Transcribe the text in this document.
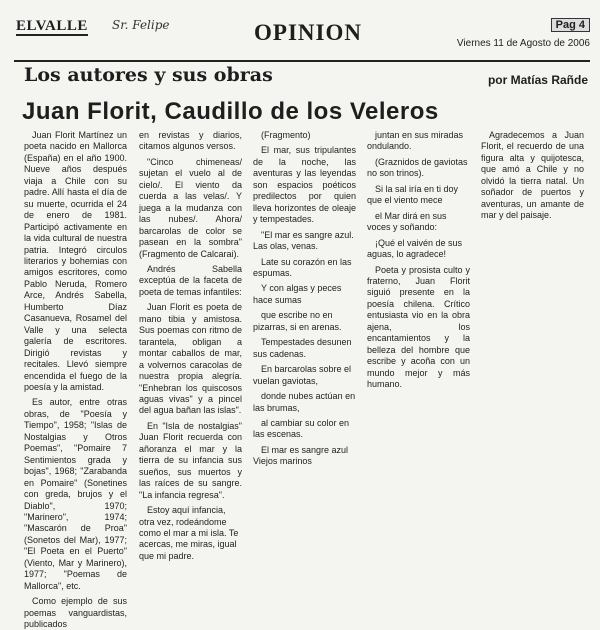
ELVALLE Sr. Felipe	OPINION	Pag 4
Viernes 11 de Agosto de 2006
Los autores y sus obras	por Matías Rañde
Juan Florit, Caudillo de los Veleros

Juan Florit Martínez un poeta nacido en Mallorca (España) en el año 1900. Nueve años después viaja a Chile con su padre. Allí hasta el día de su muerte, ocurrida el 24 de enero de 1981. Participó activamente en la vida cultural de nuestra patria. Integró circulos literarios y bohemias con amigos escritores, como Pablo Neruda, Romero Arce, Andrés Sabella, Humberto Díaz Casanueva, Rosamel del Valle y una selecta galería de escritores. Dirigió revistas y recitales. Llevó siempre encendida el fuego de la poesía y la amistad.

Es autor, entre otras obras, de "Poesía y Tiempo", 1958; "Islas de Nostalgias y Otros Poemas", "Pomaire 7 Sentimientos grada y bojas", 1968; "Zarabanda en Pomaire" (Sonetines con greda, brujos y el Diablo", 1970; "Marinero", 1974; "Mascarón de Proa" (Sonetos del Mar), 1977; "El Poeta en el Puerto" (Viento, Mar y Marinero), 1977; "Poemas de Mallorca", etc.

Como ejemplo de sus poemas vanguardistas, publicados

en revistas y diarios, citamos algunos versos.

"Cinco chimeneas/ sujetan el vuelo al de cielo/. El viento da cuerda a las velas/. Y juega a la mudanza con las nubes/. Ahora/ barcarolas de color se pasean en la sombra" (Fragmento de Calcarai).

Andrés Sabella exceptúa de la faceta de poeta de temas infantiles:

Juan Florit es poeta de mano tibia y amistosa. Sus poemas con ritmo de tarantela, obligan a montar caballos de mar, a volvernos caracolas de nuestra propia alegría. "Enhebran los quiscosos aguas vivas" y a pincel del agua bañan las islas".

En "Isla de nostalgias" Juan Florit recuerda con añoranza el mar y la tierra de su infancia sus sueños, sus muertos y las raíces de su sangre. "La infancia regresa".

Estoy aquí infancia, otra vez, rodeándome como el mar a mi isla. Te acercas, me miras, igual que mi padre.

(Fragmento)

El mar, sus tripulantes de la noche, las aventuras y las leyendas son espacios poéticos predilectos por quien lleva horizontes de oleaje y tempestades.

"El mar es sangre azul. Las olas, venas.

Late su corazón en las espumas.

Y con algas y peces hace sumas

que escribe no en pizarras, si en arenas.

Tempestades desunen sus cadenas.

En barcarolas sobre el vuelan gaviotas,

donde nubes actúan en las brumas,

al cambiar su color en las escenas.

El mar es sangre azul Viejos marinos

juntan en sus miradas ondulando.

(Graznidos de gaviotas no son trinos).

Si la sal iría en ti doy que el viento mece

el Mar dirá en sus voces y soñando:

¡Qué el vaivén de sus aguas, lo agradece!

Poeta y prosista culto y fraterno, Juan Florit siguió presente en la poesía chilena. Crítico entusiasta vio en la obra ajena, los encantamientos y la belleza del hombre que escribe y acoña con un mundo mejor y más humano.

Agradecemos a Juan Florit, el recuerdo de una figura alta y quijotesca, que amó a Chile y no olvidó la tierra natal. Un soñador de puertos y aventuras, un amante de mar y del paisaje.
